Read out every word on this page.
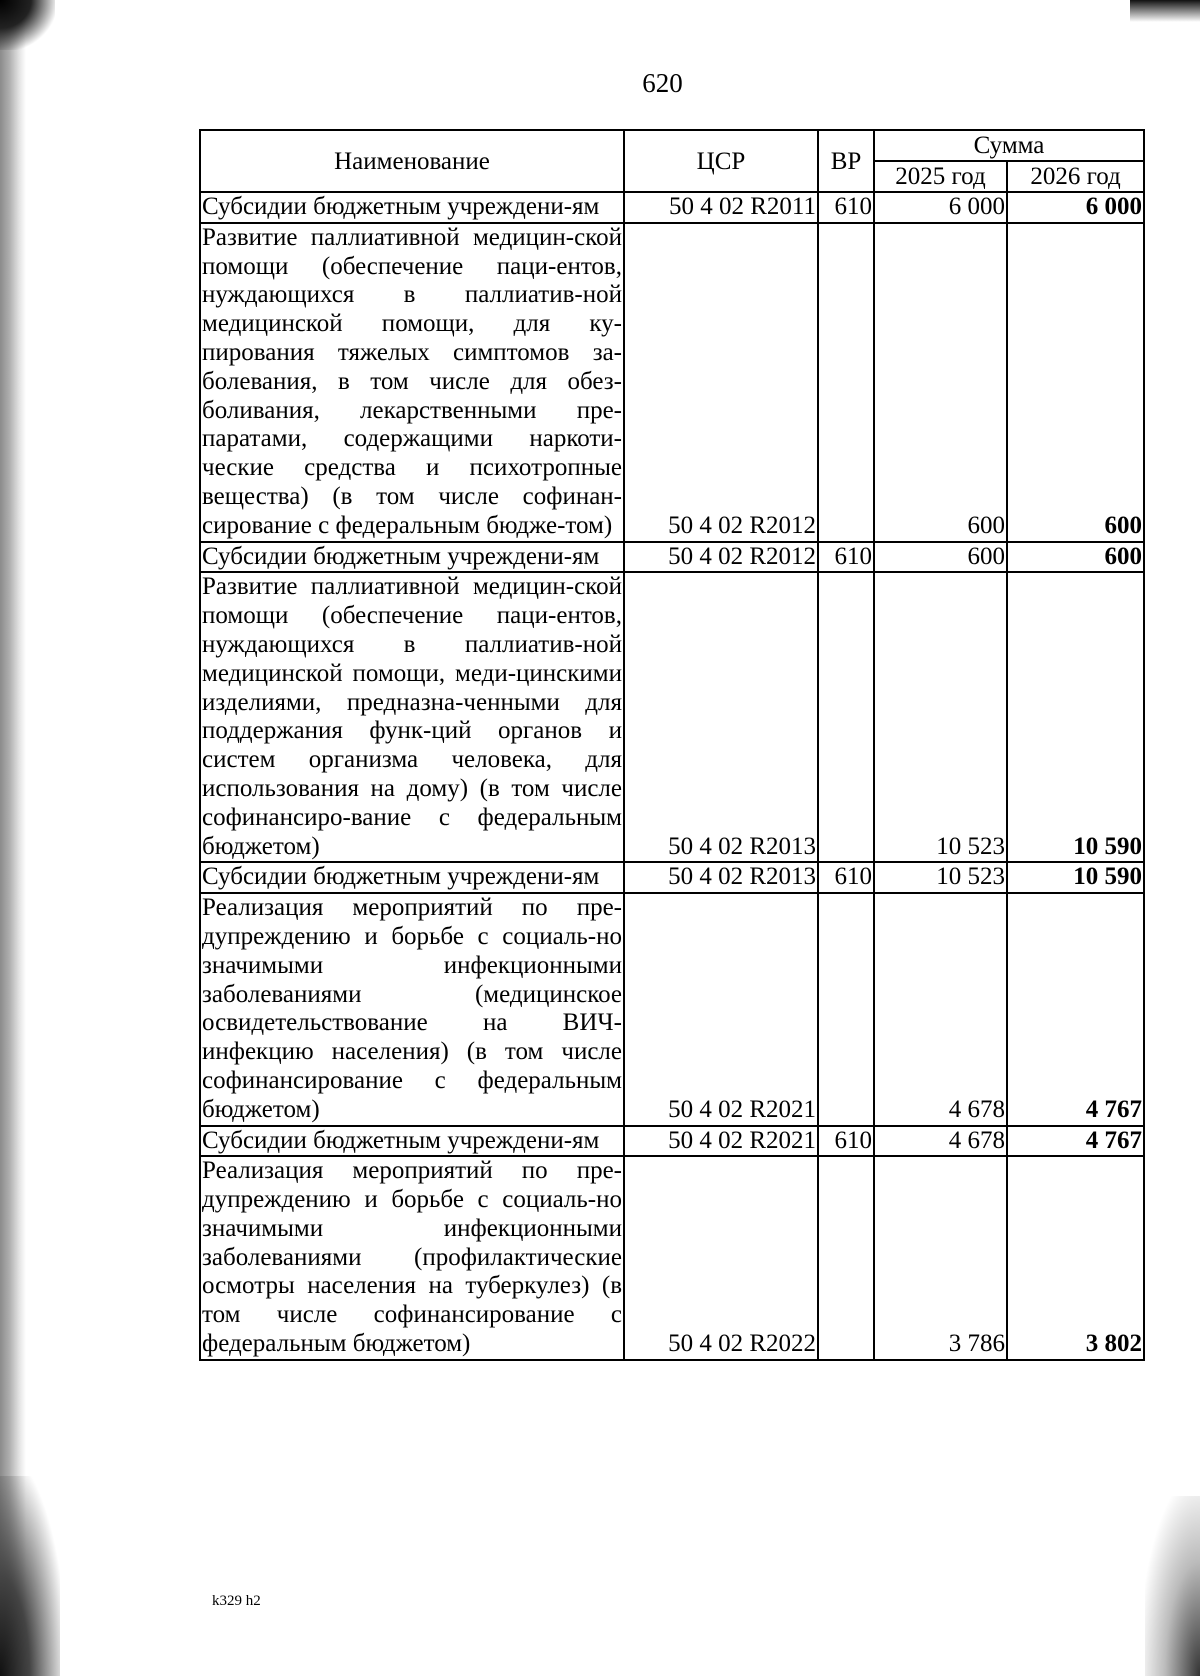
620
Наименование	ЦСР	ВР	Сумма	
			2025 год	2026 год
Субсидии бюджетным учреждени-ям	50 4 02 R2011	610	6 000	6 000
Развитие паллиативной медицин-ской помощи (обеспечение паци-ентов, нуждающихся в паллиатив-ной медицинской помощи, для ку-пирования тяжелых симптомов за-болевания, в том числе для обез-боливания, лекарственными пре-паратами, содержащими наркоти-ческие средства и психотропные вещества) (в том числе софинан-сирование с федеральным бюдже-том)	50 4 02 R2012		600	600
Субсидии бюджетным учреждени-ям	50 4 02 R2012	610	600	600
Развитие паллиативной медицин-ской помощи (обеспечение паци-ентов, нуждающихся в паллиатив-ной медицинской помощи, меди-цинскими изделиями, предназна-ченными для поддержания функ-ций органов и систем организма человека, для использования на дому) (в том числе софинансиро-вание с федеральным бюджетом)	50 4 02 R2013		10 523	10 590
Субсидии бюджетным учреждени-ям	50 4 02 R2013	610	10 523	10 590
Реализация мероприятий по пре-дупреждению и борьбе с социаль-но значимыми инфекционными заболеваниями (медицинское освидетельствование на ВИЧ-инфекцию населения) (в том числе софинансирование с федеральным бюджетом)	50 4 02 R2021		4 678	4 767
Субсидии бюджетным учреждени-ям	50 4 02 R2021	610	4 678	4 767
Реализация мероприятий по пре-дупреждению и борьбе с социаль-но значимыми инфекционными заболеваниями (профилактические осмотры населения на туберкулез) (в том числе софинансирование с федеральным бюджетом)	50 4 02 R2022		3 786	3 802
k329 h2
